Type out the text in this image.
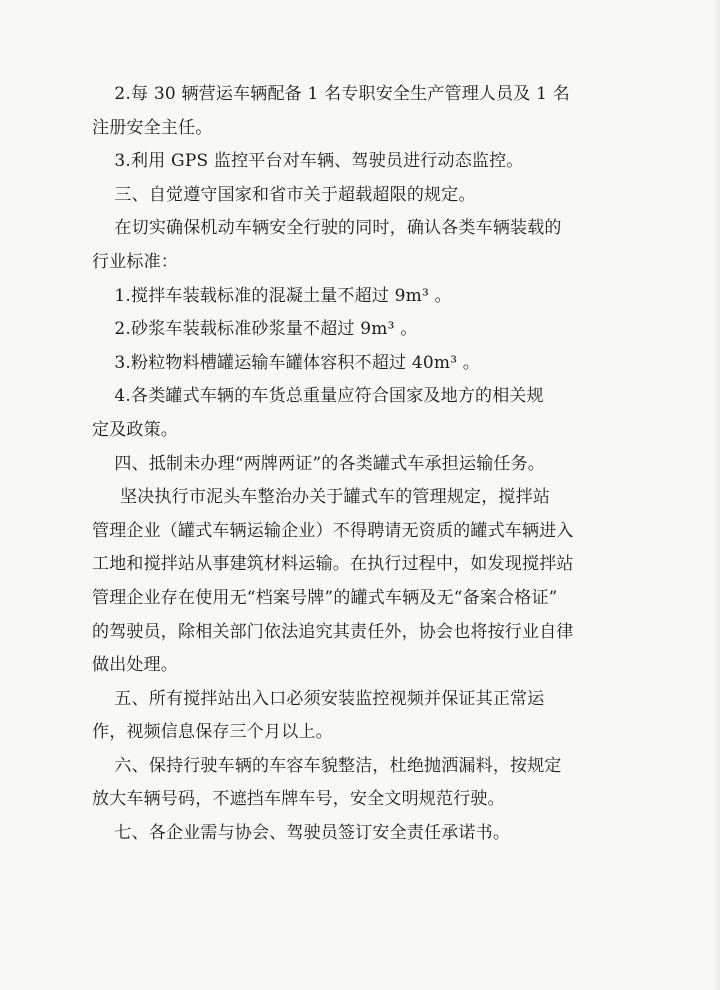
2.每 30 辆营运车辆配备 1 名专职安全生产管理人员及 1 名

注册安全主任。

3.利用 GPS 监控平台对车辆、驾驶员进行动态监控。

三、自觉遵守国家和省市关于超载超限的规定。

在切实确保机动车辆安全行驶的同时，确认各类车辆装载的

行业标准：

1.搅拌车装载标准的混凝土量不超过 9m³ 。

2.砂浆车装载标准砂浆量不超过 9m³ 。

3.粉粒物料槽罐运输车罐体容积不超过 40m³ 。

4.各类罐式车辆的车货总重量应符合国家及地方的相关规

定及政策。

四、抵制未办理“两牌两证”的各类罐式车承担运输任务。

坚决执行市泥头车整治办关于罐式车的管理规定，搅拌站

管理企业（罐式车辆运输企业）不得聘请无资质的罐式车辆进入

工地和搅拌站从事建筑材料运输。在执行过程中，如发现搅拌站

管理企业存在使用无“档案号牌”的罐式车辆及无“备案合格证”

的驾驶员，除相关部门依法追究其责任外，协会也将按行业自律

做出处理。

五、所有搅拌站出入口必须安装监控视频并保证其正常运

作，视频信息保存三个月以上。

六、保持行驶车辆的车容车貌整洁，杜绝抛洒漏料，按规定

放大车辆号码，不遮挡车牌车号，安全文明规范行驶。

七、各企业需与协会、驾驶员签订安全责任承诺书。
